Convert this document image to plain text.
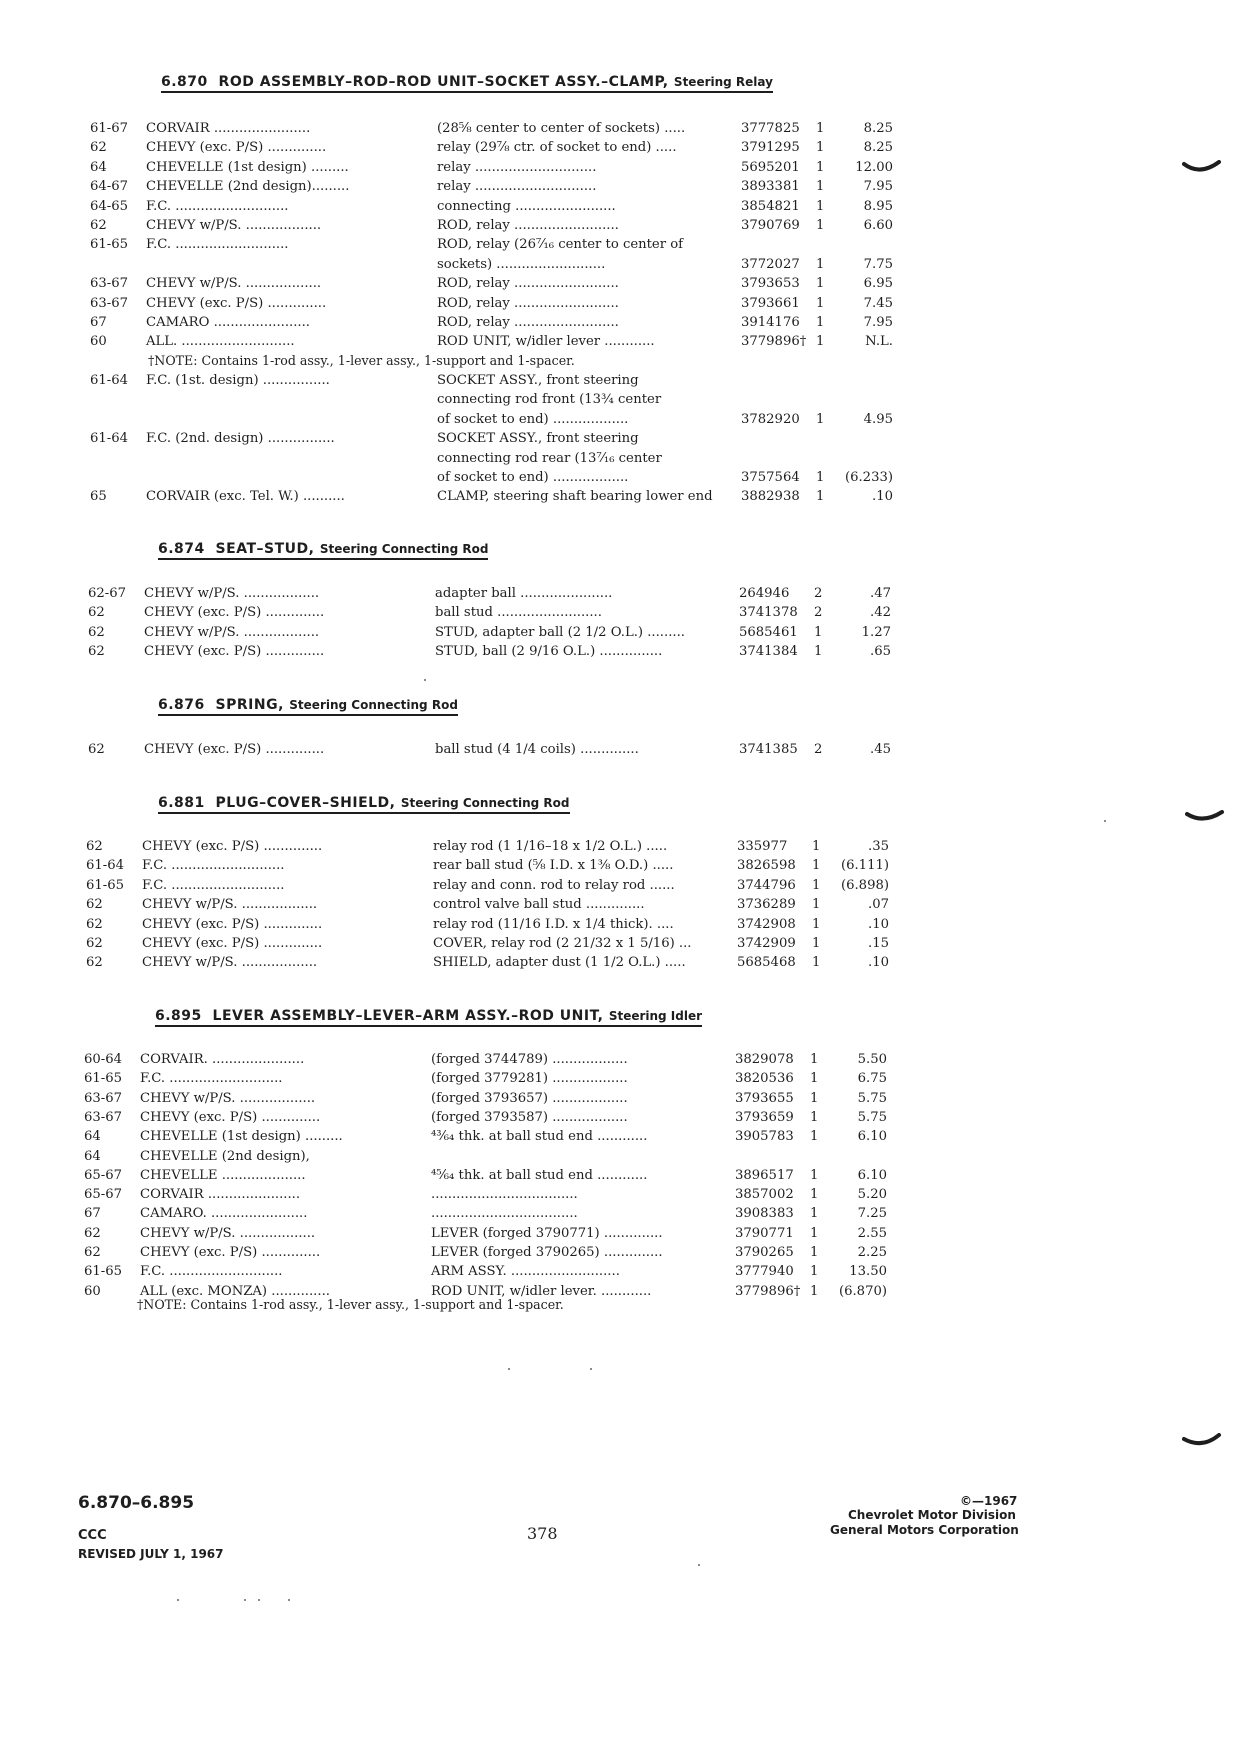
6.870 ROD ASSEMBLY–ROD–ROD UNIT–SOCKET ASSY.–CLAMP, Steering Relay
6.874 SEAT–STUD, Steering Connecting Rod
6.876 SPRING, Steering Connecting Rod
6.881 PLUG–COVER–SHIELD, Steering Connecting Rod
6.895 LEVER ASSEMBLY–LEVER–ARM ASSY.–ROD UNIT, Steering Idler
61-67 CORVAIR .......................	(28⅝ center to center of sockets) .....	3777825 1	8.25
62	CHEVY (exc. P/S) ..............	relay (29⅞ ctr. of socket to end) .....	3791295 1	8.25
64	CHEVELLE (1st design) .........	relay .............................	5695201 1	12.00
64-67 CHEVELLE (2nd design).........	relay .............................	3893381 1	7.95
64-65 F.C. ...........................	connecting ........................	3854821 1	8.95
62	CHEVY w/P/S. ..................	ROD, relay .........................	3790769 1	6.60
61-65 F.C. ...........................	ROD, relay (26⁷⁄₁₆ center to center of
sockets) ..........................	3772027 1	7.75
63-67 CHEVY w/P/S. ..................	ROD, relay .........................	3793653 1	6.95
63-67 CHEVY (exc. P/S) ..............	ROD, relay .........................	3793661 1	7.45
67	CAMARO .......................	ROD, relay .........................	3914176 1	7.95
60	ALL. ...........................	ROD UNIT, w/idler lever ............	3779896† 1	N.L.
†NOTE: Contains 1-rod assy., 1-lever assy., 1-support and 1-spacer.
61-64 F.C. (1st. design) ................	SOCKET ASSY., front steering
connecting rod front (13¾ center
of socket to end) ..................	3782920 1	4.95
61-64 F.C. (2nd. design) ................	SOCKET ASSY., front steering
connecting rod rear (13⁷⁄₁₆ center
of socket to end) ..................	3757564 1 (6.233)
65	CORVAIR (exc. Tel. W.) ..........	CLAMP, steering shaft bearing lower end 3882938 1	.10
62-67 CHEVY w/P/S. ..................	adapter ball ......................	264946 2	.47
62	CHEVY (exc. P/S) ..............	ball stud .........................	3741378 2	.42
62	CHEVY w/P/S. ..................	STUD, adapter ball (2 1/2 O.L.) .........	5685461 1	1.27
62	CHEVY (exc. P/S) ..............	STUD, ball (2 9/16 O.L.) ...............	3741384 1	.65
62	CHEVY (exc. P/S) ..............	ball stud (4 1/4 coils) ..............	3741385 2	.45
62	CHEVY (exc. P/S) ..............	relay rod (1 1/16–18 x 1/2 O.L.) .....	335977 1	.35
61-64 F.C. ...........................	rear ball stud (⅝ I.D. x 1⅜ O.D.) .....	3826598 1 (6.111)
61-65 F.C. ...........................	relay and conn. rod to relay rod ......	3744796 1 (6.898)
62	CHEVY w/P/S. ..................	control valve ball stud ..............	3736289 1	.07
62	CHEVY (exc. P/S) ..............	relay rod (11/16 I.D. x 1/4 thick). ....	3742908 1	.10
62	CHEVY (exc. P/S) ..............	COVER, relay rod (2 21/32 x 1 5/16) ...	3742909 1	.15
62	CHEVY w/P/S. ..................	SHIELD, adapter dust (1 1/2 O.L.) .....	5685468 1	.10
60-64 CORVAIR. ......................	(forged 3744789) ..................	3829078 1	5.50
61-65 F.C. ...........................	(forged 3779281) ..................	3820536 1	6.75
63-67 CHEVY w/P/S. ..................	(forged 3793657) ..................	3793655 1	5.75
63-67 CHEVY (exc. P/S) ..............	(forged 3793587) ..................	3793659 1	5.75
64	CHEVELLE (1st design) .........	⁴³⁄₆₄ thk. at ball stud end ............	3905783 1	6.10
64	CHEVELLE (2nd design),
65-67 CHEVELLE ....................	⁴⁵⁄₆₄ thk. at ball stud end ............	3896517 1	6.10
65-67 CORVAIR ......................	...................................	3857002 1	5.20
67	CAMARO. .......................	...................................	3908383 1	7.25
62	CHEVY w/P/S. ..................	LEVER (forged 3790771) ..............	3790771 1	2.55
62	CHEVY (exc. P/S) ..............	LEVER (forged 3790265) ..............	3790265 1	2.25
61-65 F.C. ...........................	ARM ASSY. ..........................	3777940 1	13.50
60	ALL (exc. MONZA) ..............	ROD UNIT, w/idler lever. ............	3779896† 1 (6.870)
†NOTE: Contains 1-rod assy., 1-lever assy., 1-support and 1-spacer.
6.870–6.895
CCC
REVISED JULY 1, 1967
378
©—1967
Chevrolet Motor Division
General Motors Corporation
